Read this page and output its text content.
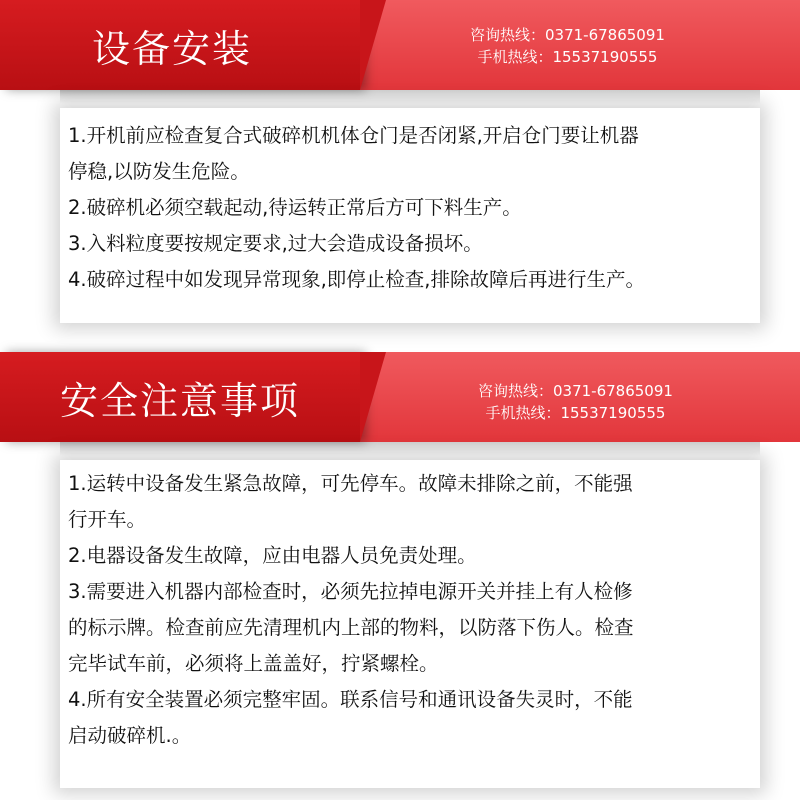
设备安装	咨询热线：0371-67865091
手机热线：15537190555

1.开机前应检查复合式破碎机机体仓门是否闭紧,开启仓门要让机器

停稳,以防发生危险。

2.破碎机必须空载起动,待运转正常后方可下料生产。

3.入料粒度要按规定要求,过大会造成设备损坏。

4.破碎过程中如发现异常现象,即停止检查,排除故障后再进行生产。

安全注意事项	咨询热线：0371-67865091
手机热线：15537190555

1.运转中设备发生紧急故障，可先停车。故障未排除之前，不能强

行开车。

2.电器设备发生故障，应由电器人员免责处理。

3.需要进入机器内部检查时，必须先拉掉电源开关并挂上有人检修

的标示牌。检查前应先清理机内上部的物料，以防落下伤人。检查

完毕试车前，必须将上盖盖好，拧紧螺栓。

4.所有安全装置必须完整牢固。联系信号和通讯设备失灵时，不能

启动破碎机.。
